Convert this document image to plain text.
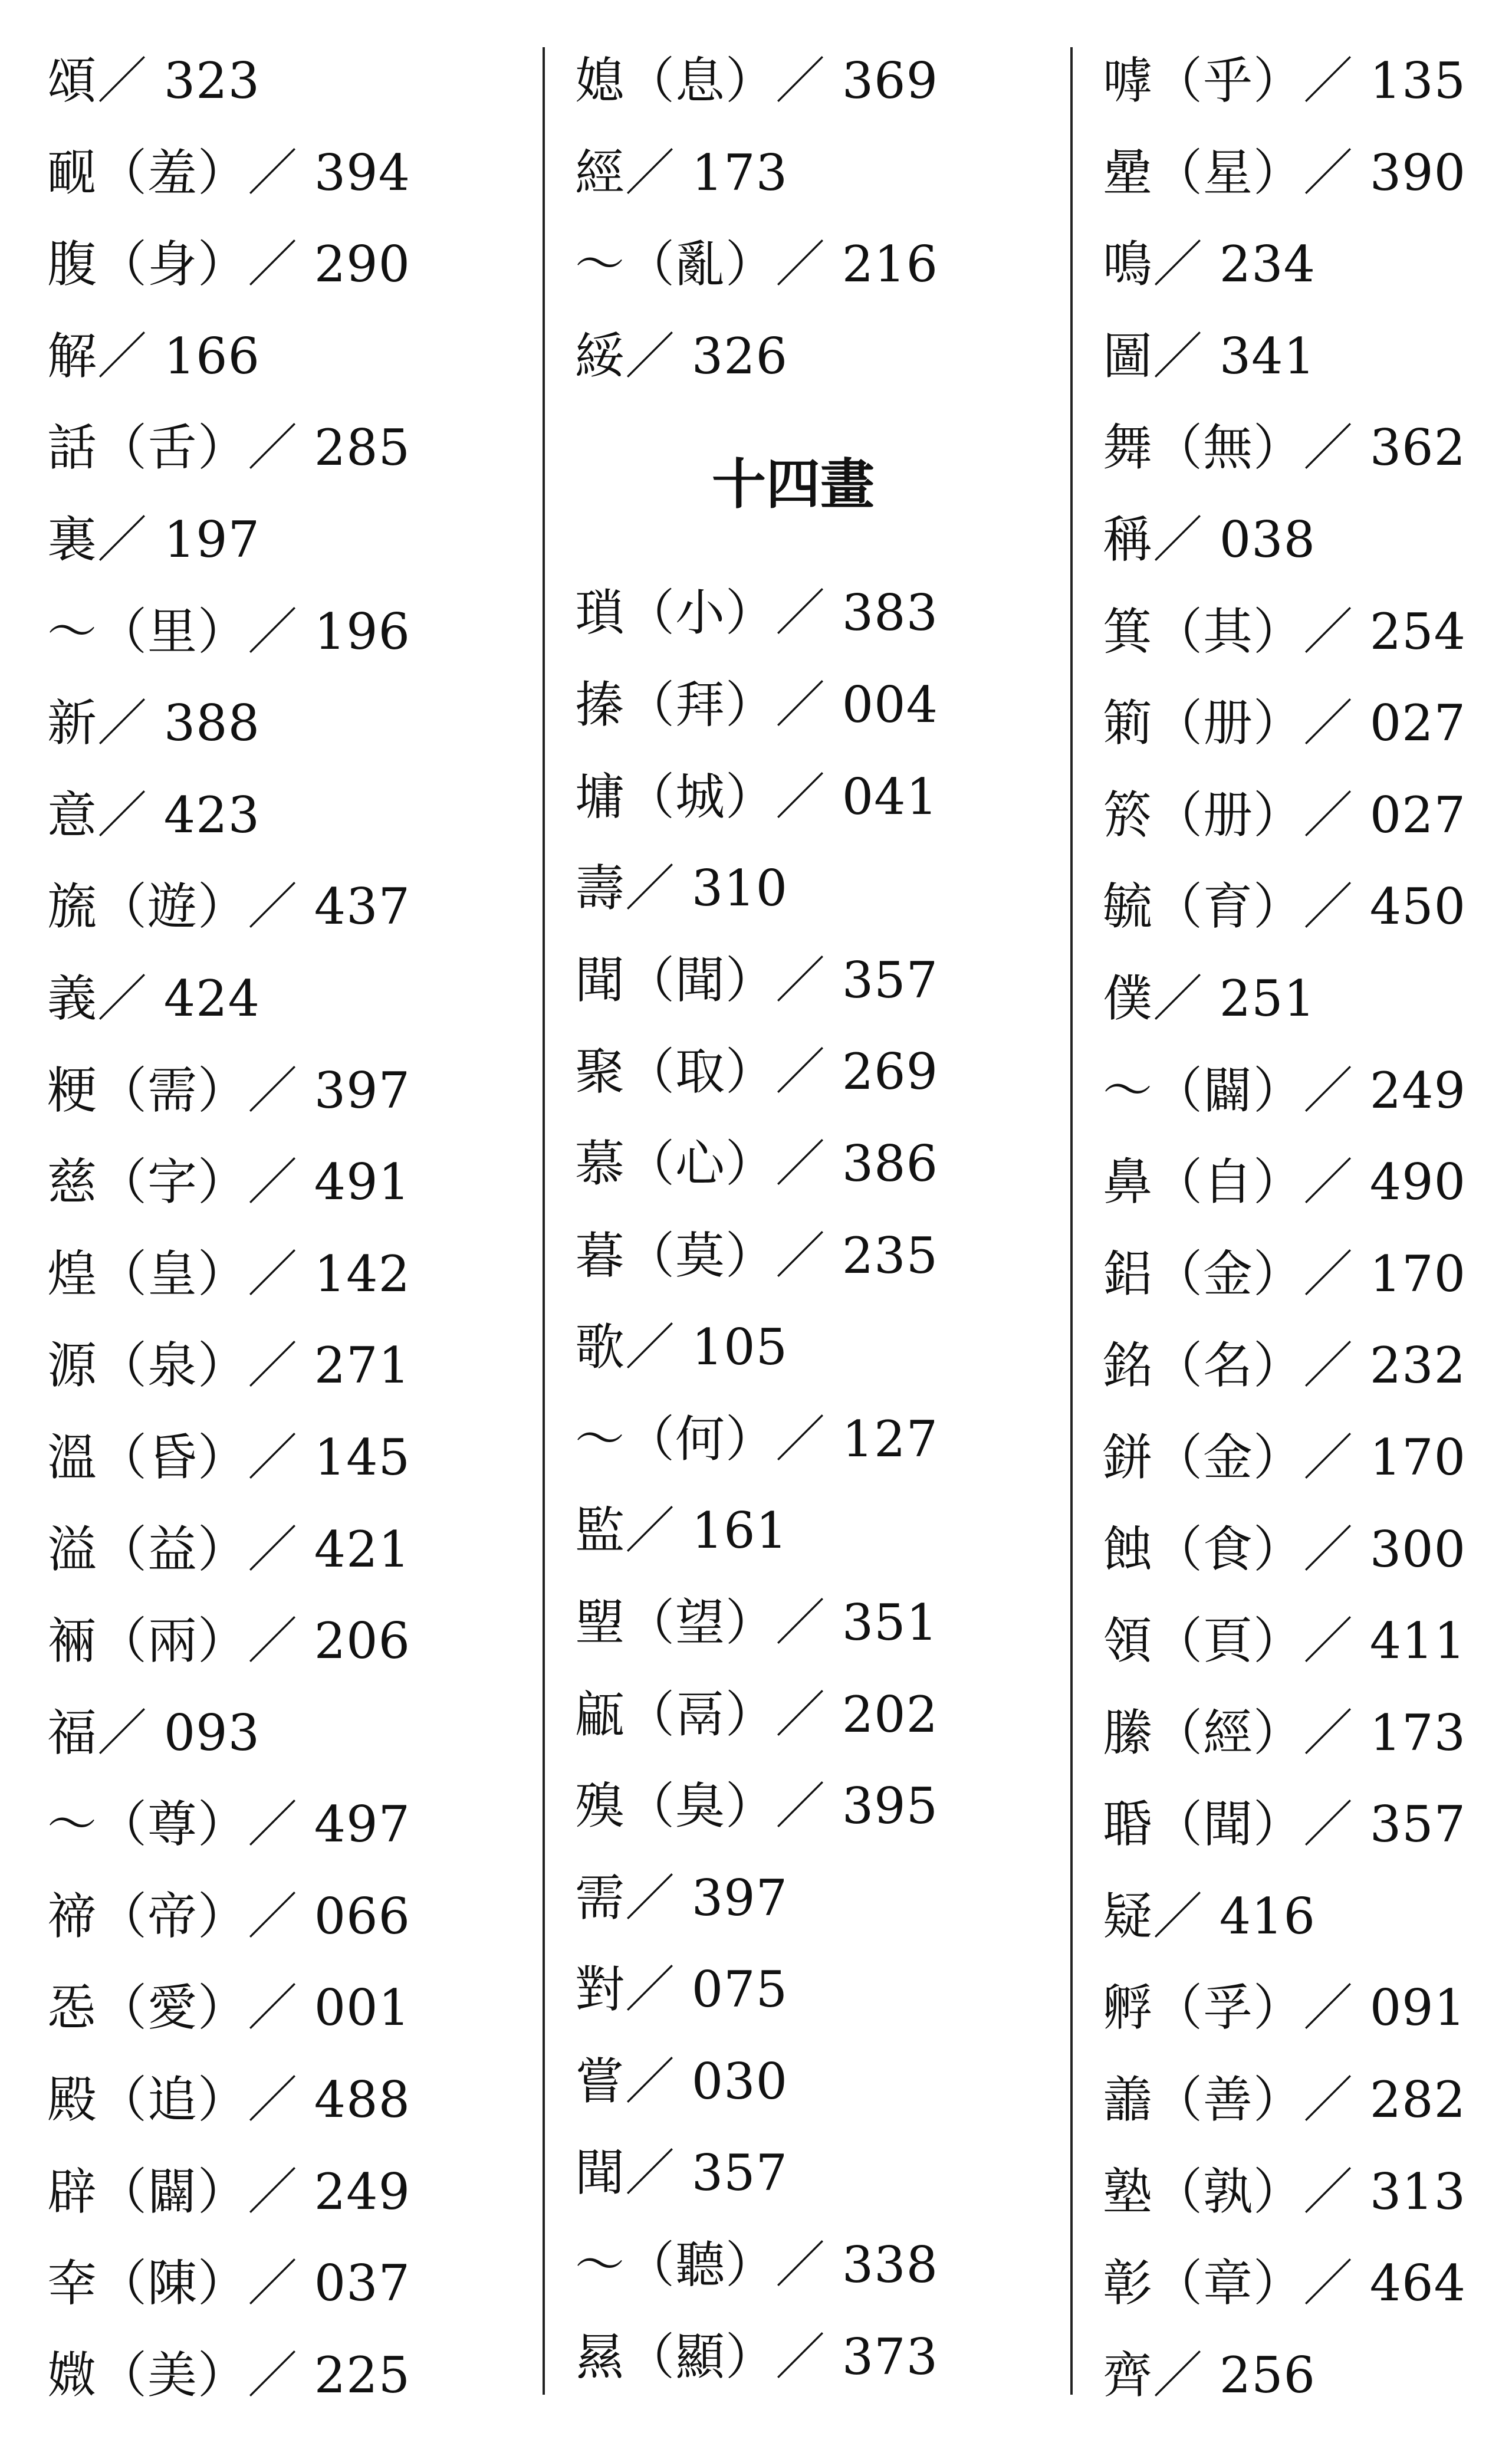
頌／ 323
䩄（羞）／ 394
腹（身）／ 290
解／ 166
話（舌）／ 285
裏／ 197
～（里）／ 196
新／ 388
意／ 423
旒（遊）／ 437
義／ 424
粳（需）／ 397
慈（字）／ 491
煌（皇）／ 142
源（泉）／ 271
溫（昏）／ 145
溢（益）／ 421
裲（兩）／ 206
福／ 093
～（尊）／ 497
禘（帝）／ 066
㤅（愛）／ 001
殿（追）／ 488
辟（闢）／ 249
㚔（陳）／ 037
媺（美）／ 225
媳（息）／ 369
經／ 173
～（亂）／ 216
綏／ 326
十四畫
瑣（小）／ 383
搸（拜）／ 004
墉（城）／ 041
壽／ 310
聞（聞）／ 357
聚（取）／ 269
慕（心）／ 386
暮（莫）／ 235
歌／ 105
～（何）／ 127
監／ 161
朢（望）／ 351
甂（鬲）／ 202
殠（臭）／ 395
需／ 397
對／ 075
嘗／ 030
聞／ 357
～（聽）／ 338
㬎（顯）／ 373
嘑（乎）／ 135
曐（星）／ 390
鳴／ 234
圖／ 341
舞（無）／ 362
稱／ 038
箕（其）／ 254
箣（册）／ 027
箊（册）／ 027
毓（育）／ 450
僕／ 251
～（闢）／ 249
鼻（自）／ 490
鋁（金）／ 170
銘（名）／ 232
鉼（金）／ 170
蝕（食）／ 300
領（頁）／ 411
縢（經）／ 173
䎽（聞）／ 357
疑／ 416
孵（孚）／ 091
譱（善）／ 282
塾（孰）／ 313
彰（章）／ 464
齊／ 256
